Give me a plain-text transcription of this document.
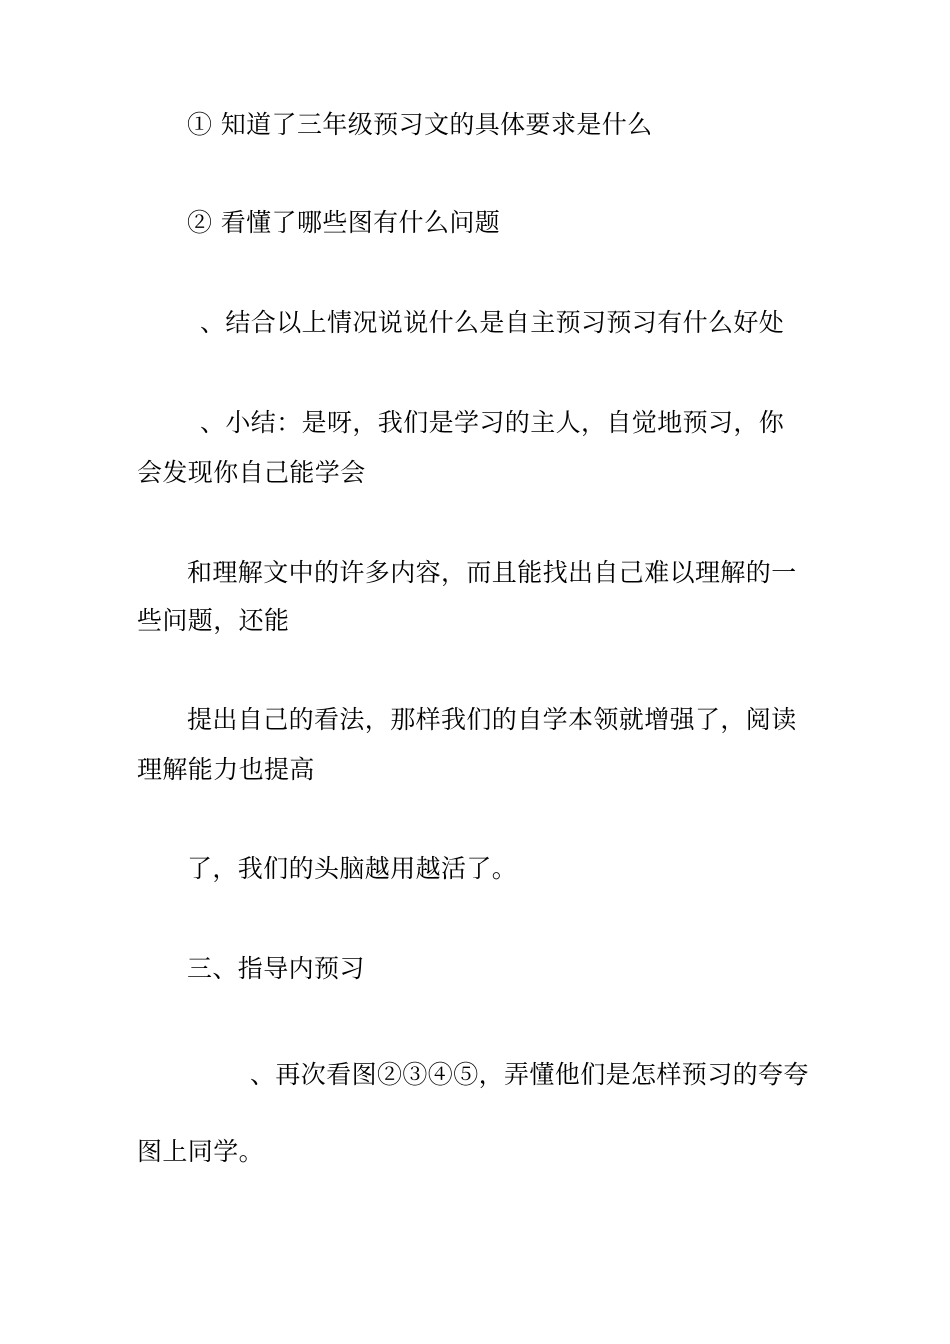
① 知道了三年级预习文的具体要求是什么

② 看懂了哪些图有什么问题

、结合以上情况说说什么是自主预习预习有什么好处

、小结：是呀，我们是学习的主人，自觉地预习，你

会发现你自己能学会

和理解文中的许多内容，而且能找出自己难以理解的一

些问题，还能

提出自己的看法，那样我们的自学本领就增强了，阅读

理解能力也提高

了，我们的头脑越用越活了。

三、指导内预习

、再次看图②③④⑤，弄懂他们是怎样预习的夸夸

图上同学。
